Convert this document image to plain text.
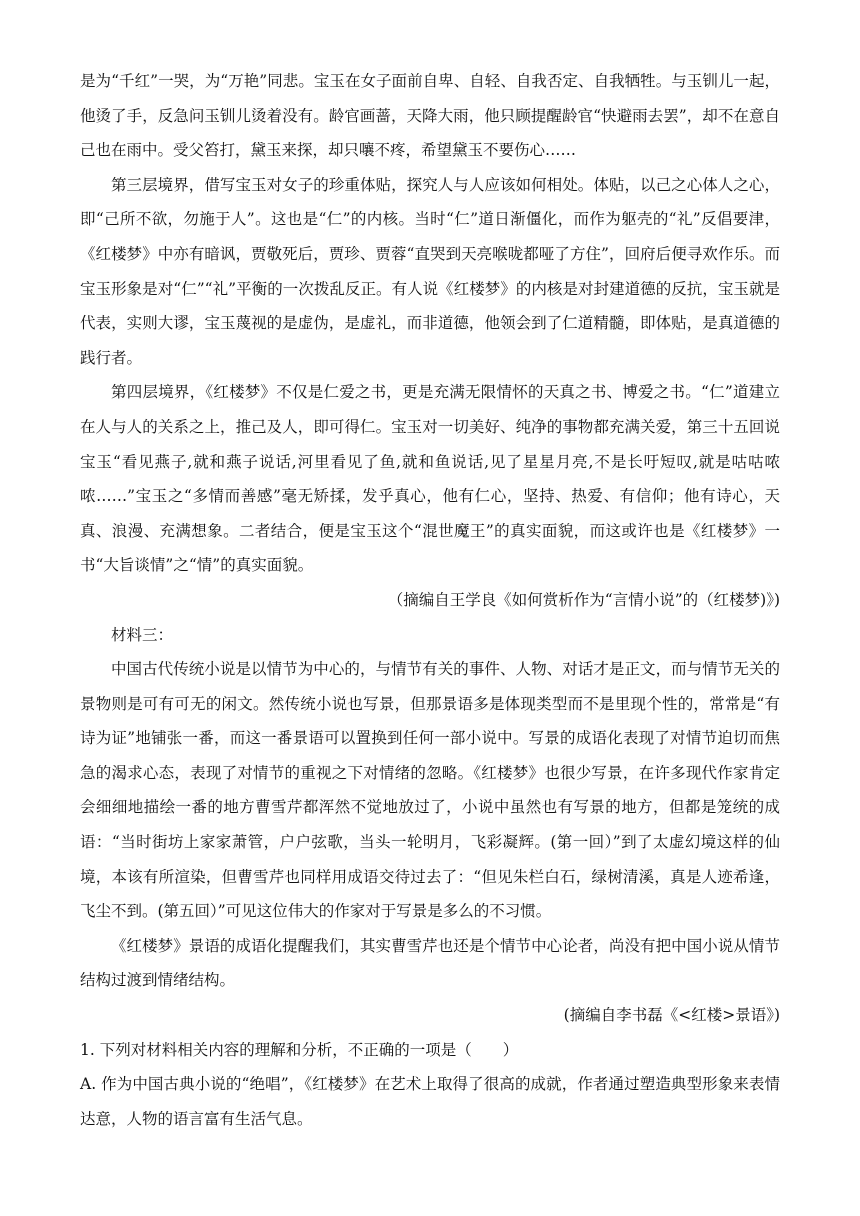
是为“千红”一哭，为“万艳”同悲。宝玉在女子面前自卑、自轻、自我否定、自我牺牲。与玉钏儿一起，他烫了手，反急问玉钏儿烫着没有。龄官画蔷，天降大雨，他只顾提醒龄官“快避雨去罢”，却不在意自己也在雨中。受父笞打，黛玉来探，却只嚷不疼，希望黛玉不要伤心……

第三层境界，借写宝玉对女子的珍重体贴，探究人与人应该如何相处。体贴，以己之心体人之心，即“己所不欲，勿施于人”。这也是“仁”的内核。当时“仁”道日渐僵化，而作为躯壳的“礼”反倡要津，《红楼梦》中亦有暗讽，贾敬死后，贾珍、贾蓉“直哭到天亮喉咙都哑了方住”，回府后便寻欢作乐。而宝玉形象是对“仁”“礼”平衡的一次拨乱反正。有人说《红楼梦》的内核是对封建道德的反抗，宝玉就是代表，实则大谬，宝玉蔑视的是虚伪，是虚礼，而非道德，他领会到了仁道精髓，即体贴，是真道德的践行者。

第四层境界，《红楼梦》不仅是仁爱之书，更是充满无限情怀的天真之书、博爱之书。“仁”道建立在人与人的关系之上，推己及人，即可得仁。宝玉对一切美好、纯净的事物都充满关爱，第三十五回说宝玉“看见燕子,就和燕子说话,河里看见了鱼,就和鱼说话,见了星星月亮,不是长吁短叹,就是咕咕哝哝……”宝玉之“多情而善感”毫无矫揉，发乎真心，他有仁心，坚持、热爱、有信仰；他有诗心，天真、浪漫、充满想象。二者结合，便是宝玉这个“混世魔王”的真实面貌，而这或许也是《红楼梦》一书“大旨谈情”之“情”的真实面貌。

（摘编自王学良《如何赏析作为“言情小说”的（红楼梦)》)

材料三：

中国古代传统小说是以情节为中心的，与情节有关的事件、人物、对话才是正文，而与情节无关的景物则是可有可无的闲文。然传统小说也写景，但那景语多是体现类型而不是里现个性的，常常是“有诗为证”地铺张一番，而这一番景语可以置换到任何一部小说中。写景的成语化表现了对情节迫切而焦急的渴求心态，表现了对情节的重视之下对情绪的忽略。《红楼梦》也很少写景，在许多现代作家肯定会细细地描绘一番的地方曹雪芹都浑然不觉地放过了，小说中虽然也有写景的地方，但都是笼统的成语：“当时街坊上家家萧管，户户弦歌，当头一轮明月，飞彩凝辉。(第一回）”到了太虚幻境这样的仙境，本该有所渲染，但曹雪芹也同样用成语交待过去了：“但见朱栏白石，绿树清溪，真是人迹希逢，飞尘不到。(第五回）”可见这位伟大的作家对于写景是多么的不习惯。

《红楼梦》景语的成语化提醒我们，其实曹雪芹也还是个情节中心论者，尚没有把中国小说从情节结构过渡到情绪结构。

(摘编自李书磊《<红楼>景语》)

1. 下列对材料相关内容的理解和分析，不正确的一项是（　　）

A. 作为中国古典小说的“绝唱”，《红楼梦》在艺术上取得了很高的成就，作者通过塑造典型形象来表情达意，人物的语言富有生活气息。
